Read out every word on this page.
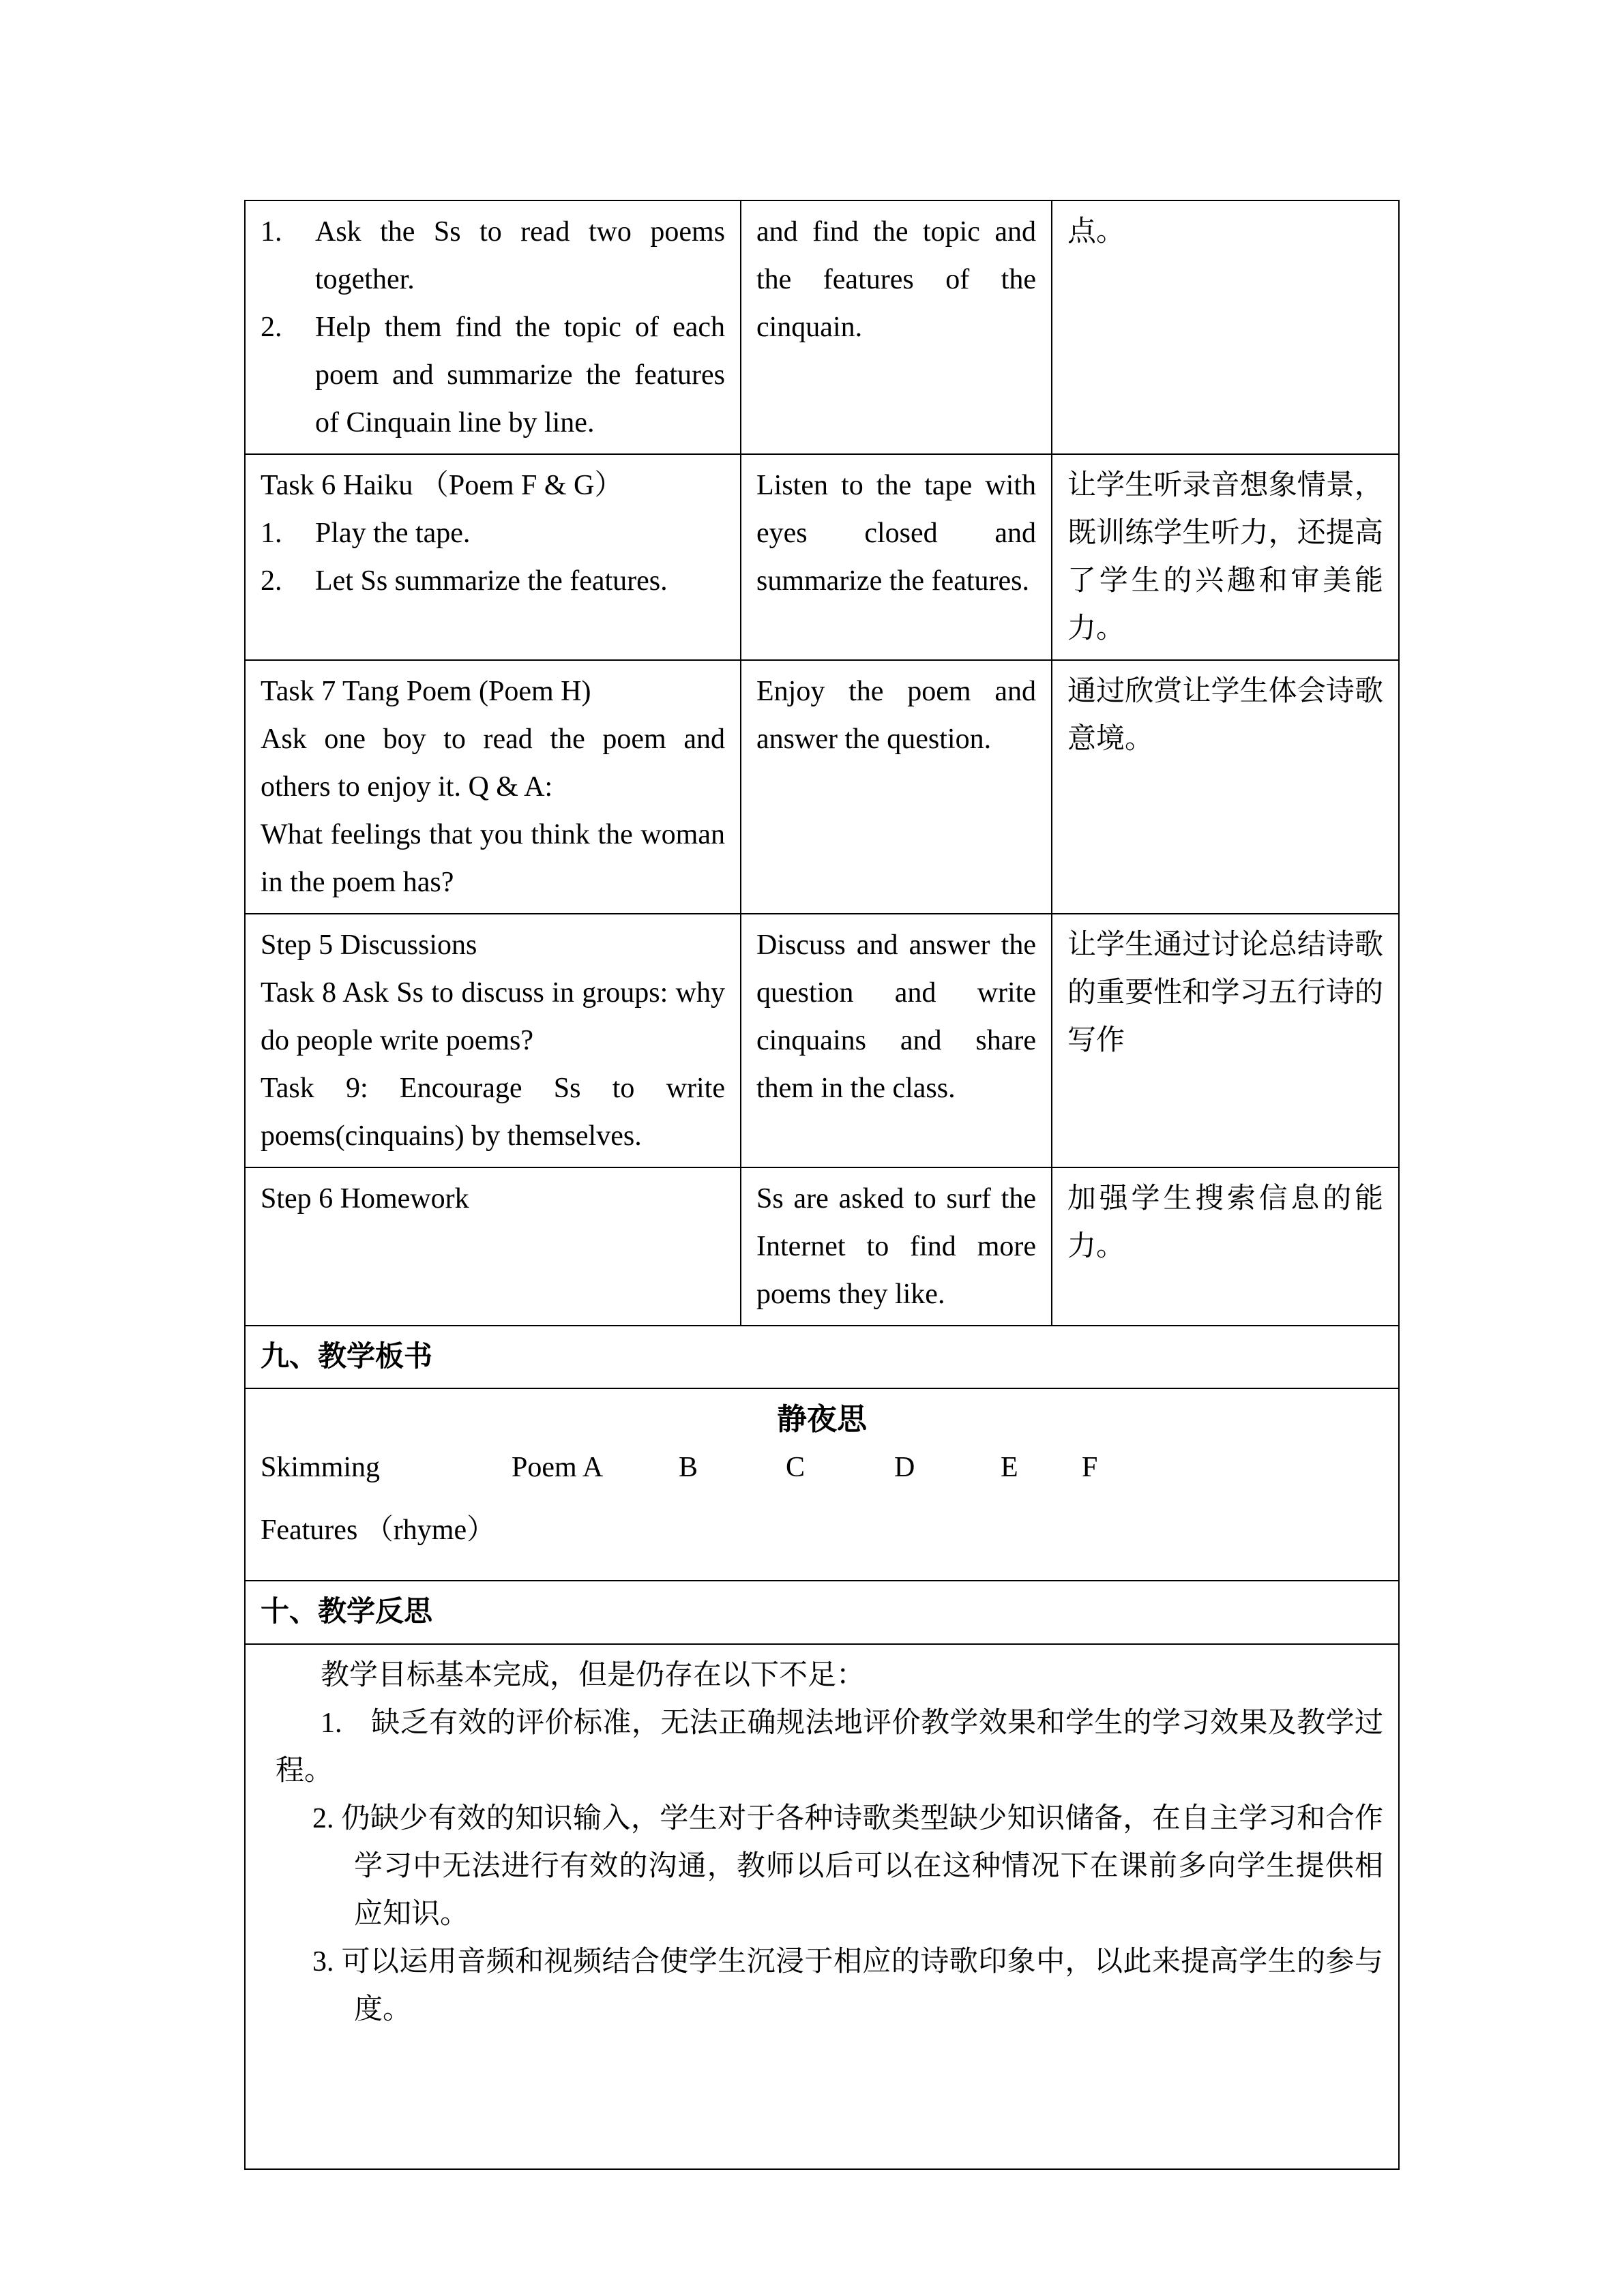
1. Ask the Ss to read two poems together.
2. Help them find the topic of each poem and summarize the features of Cinquain line by line.	and find the topic and the features of the cinquain.	点。

Task 6 Haiku （Poem F & G）

1. Play the tape.
2. Let Ss summarize the features.	Listen to the tape with eyes closed and summarize the features.	让学生听录音想象情景，既训练学生听力，还提高了学生的兴趣和审美能力。

Task 7 Tang Poem (Poem H)

Ask one boy to read the poem and others to enjoy it. Q & A:

What feelings that you think the woman in the poem has?	Enjoy the poem and answer the question.	通过欣赏让学生体会诗歌意境。

Step 5 Discussions

Task 8 Ask Ss to discuss in groups: why do people write poems?

Task 9: Encourage Ss to write poems(cinquains) by themselves.	Discuss and answer the question and write cinquains and share them in the class.	让学生通过讨论总结诗歌的重要性和学习五行诗的写作

Step 6 Homework	Ss are asked to surf the Internet to find more poems they like.	加强学生搜索信息的能力。

九、教学板书		

静夜思

Skimming	Poem A	B	C	D	E F

Features （rhyme）

十、教学反思		

教学目标基本完成，但是仍存在以下不足：

1.　缺乏有效的评价标准，无法正确规法地评价教学效果和学生的学习效果及教学过程。

2. 仍缺少有效的知识输入，学生对于各种诗歌类型缺少知识储备，在自主学习和合作学习中无法进行有效的沟通，教师以后可以在这种情况下在课前多向学生提供相应知识。

3. 可以运用音频和视频结合使学生沉浸于相应的诗歌印象中，以此来提高学生的参与度。		
